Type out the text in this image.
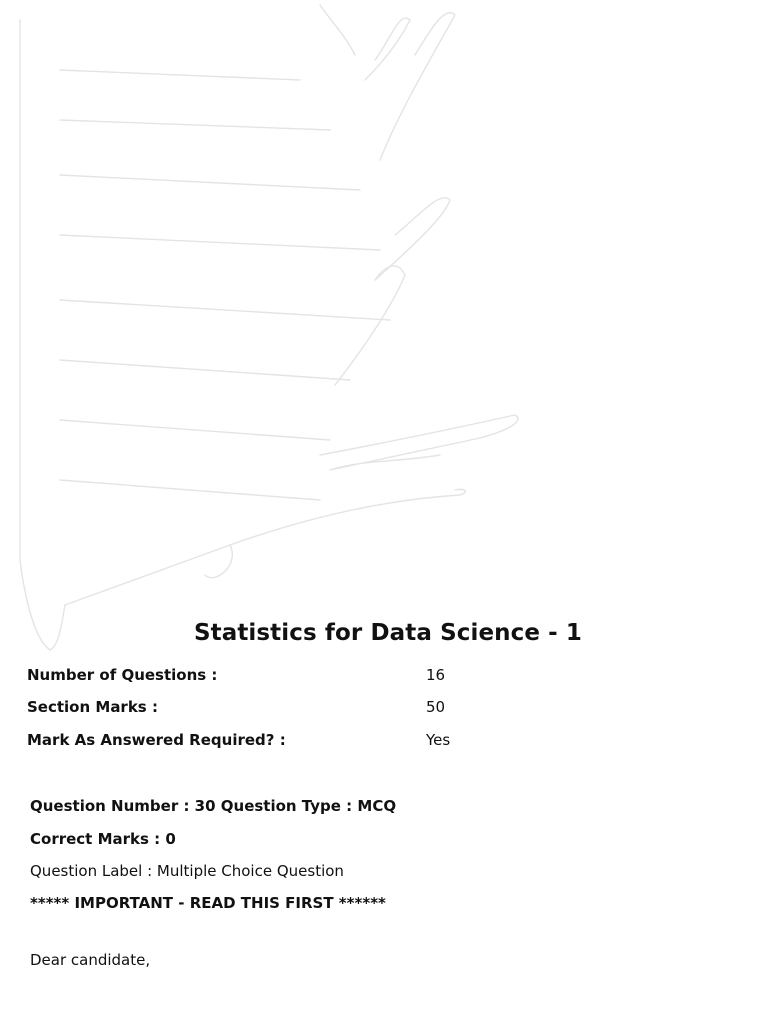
Statistics for Data Science - 1
Number of Questions :	16
Section Marks :	50
Mark As Answered Required? :	Yes
Question Number : 30 Question Type : MCQ
Correct Marks : 0
Question Label : Multiple Choice Question
***** IMPORTANT - READ THIS FIRST ******
Dear candidate,
